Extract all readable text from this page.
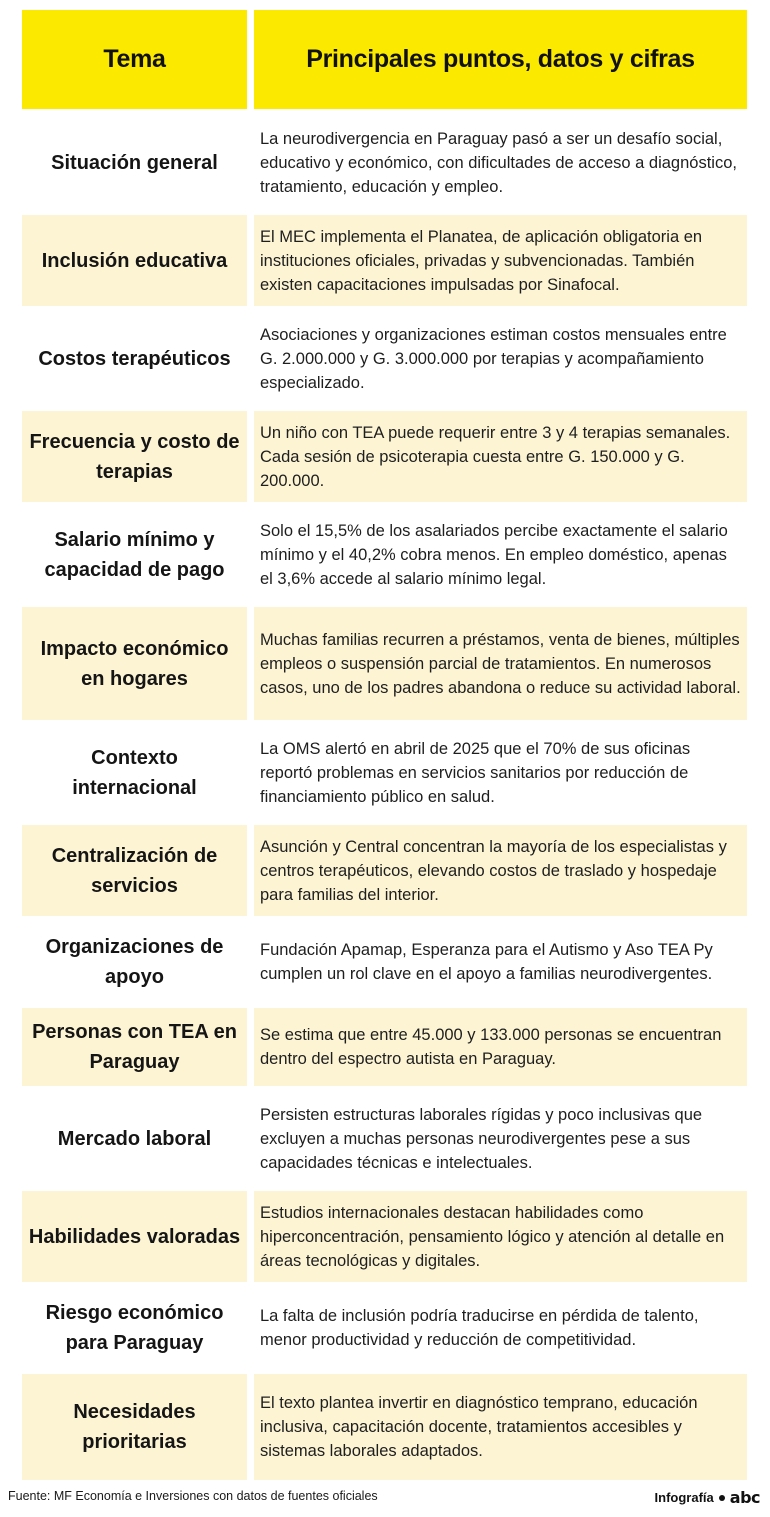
Tema	Principales puntos, datos y cifras
Situación general
La neurodivergencia en Paraguay pasó a ser un desafío social, educativo y económico, con dificultades de acceso a diagnóstico, tratamiento, educación y empleo.
Inclusión educativa
El MEC implementa el Planatea, de aplicación obligatoria en instituciones oficiales, privadas y subvencionadas. También existen capacitaciones impulsadas por Sinafocal.
Costos terapéuticos
Asociaciones y organizaciones estiman costos mensuales entre G. 2.000.000 y G. 3.000.000 por terapias y acompañamiento especializado.
Frecuencia y costo de terapias
Un niño con TEA puede requerir entre 3 y 4 terapias semanales. Cada sesión de psicoterapia cuesta entre G. 150.000 y G. 200.000.
Salario mínimo y capacidad de pago
Solo el 15,5% de los asalariados percibe exactamente el salario mínimo y el 40,2% cobra menos. En empleo doméstico, apenas el 3,6% accede al salario mínimo legal.
Impacto económico en hogares
Muchas familias recurren a préstamos, venta de bienes, múltiples empleos o suspensión parcial de tratamientos. En numerosos casos, uno de los padres abandona o reduce su actividad laboral.
Contexto internacional
La OMS alertó en abril de 2025 que el 70% de sus oficinas reportó problemas en servicios sanitarios por reducción de financiamiento público en salud.
Centralización de servicios
Asunción y Central concentran la mayoría de los especialistas y centros terapéuticos, elevando costos de traslado y hospedaje para familias del interior.
Organizaciones de apoyo
Fundación Apamap, Esperanza para el Autismo y Aso TEA Py cumplen un rol clave en el apoyo a familias neurodivergentes.
Personas con TEA en Paraguay
Se estima que entre 45.000 y 133.000 personas se encuentran dentro del espectro autista en Paraguay.
Mercado laboral
Persisten estructuras laborales rígidas y poco inclusivas que excluyen a muchas personas neurodivergentes pese a sus capacidades técnicas e intelectuales.
Habilidades valoradas
Estudios internacionales destacan habilidades como hiperconcentración, pensamiento lógico y atención al detalle en áreas tecnológicas y digitales.
Riesgo económico para Paraguay
La falta de inclusión podría traducirse en pérdida de talento, menor productividad y reducción de competitividad.
Necesidades prioritarias
El texto plantea invertir en diagnóstico temprano, educación inclusiva, capacitación docente, tratamientos accesibles y sistemas laborales adaptados.
Fuente: MF Economía e Inversiones con datos de fuentes oficiales	Infografía abc
